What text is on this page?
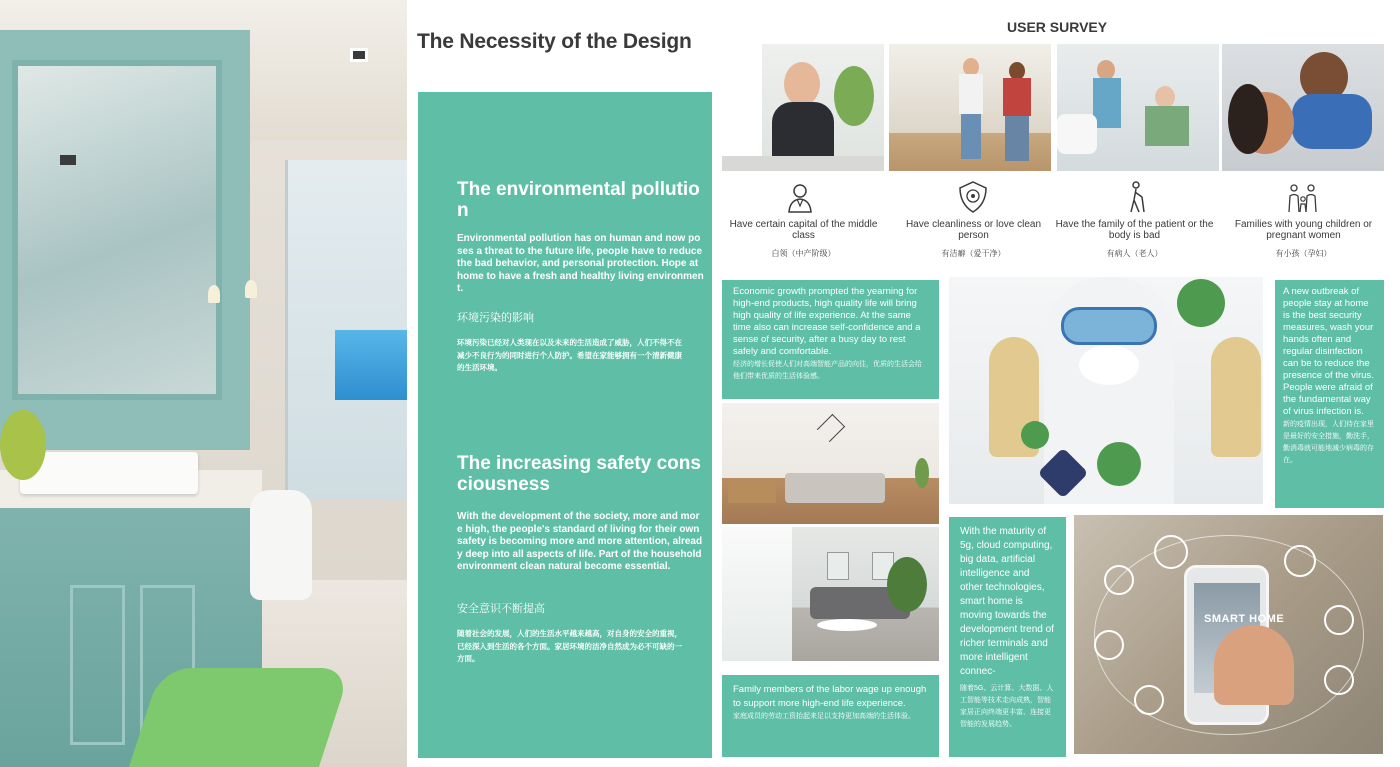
The Necessity of the Design
USER SURVEY
The environmental pollution
Environmental pollution has on human and now poses a threat to the future life, people have to reduce the bad behavior, and personal protection. Hope at home to have a fresh and healthy living environment.
环境污染的影响
环境污染已经对人类现在以及未来的生活造成了威胁，人们不得不在减少不良行为的同时进行个人防护。希望在家能够拥有一个清新健康的生活环境。
The increasing safety consciousness
With the development of the society, more and more high, the people's standard of living for their own safety is becoming more and more attention, already deep into all aspects of life. Part of the household environment clean natural become essential.
安全意识不断提高
随着社会的发展，人们的生活水平越来越高，对自身的安全的重视，已经深入到生活的各个方面。家居环境的洁净自然成为必不可缺的一方面。
Have certain capital of the middle class
白领（中产阶级）
Have cleanliness or love clean person
有洁癖（爱干净）
Have the family of the patient or the body is bad
有病人（老人）
Families with young children or pregnant women
有小孩（孕妇）
Economic growth prompted the yearning for high-end products, high quality life will bring high quality of life experience. At the same time also can increase self-confidence and a sense of security, after a busy day to rest safely and comfortable.
经济的增长促使人们对高端智能产品的向往，优质的生活会给他们带来优质的生活体验感。
A new outbreak of people stay at home is the best security measures, wash your hands often and regular disinfection can be to reduce the presence of the virus. People were afraid of the fundamental way of virus infection is.
新的疫情出现，人们待在家里是最好的安全措施，勤洗手，勤消毒就可能地减少病毒的存在。
With the maturity of 5g, cloud computing, big data, artificial intelligence and other technologies, smart home is moving towards the development trend of richer terminals and more intelligent connec-
随着5G、云计算、大数据、人工智能等技术走向成熟，智能家居正向终端更丰富、连接更智能的发展趋势。
Family members of the labor wage up enough to support more high-end life experience.
家庭成员的劳动工资抬起来足以支持更加高端的生活体验。
SMART HOME
